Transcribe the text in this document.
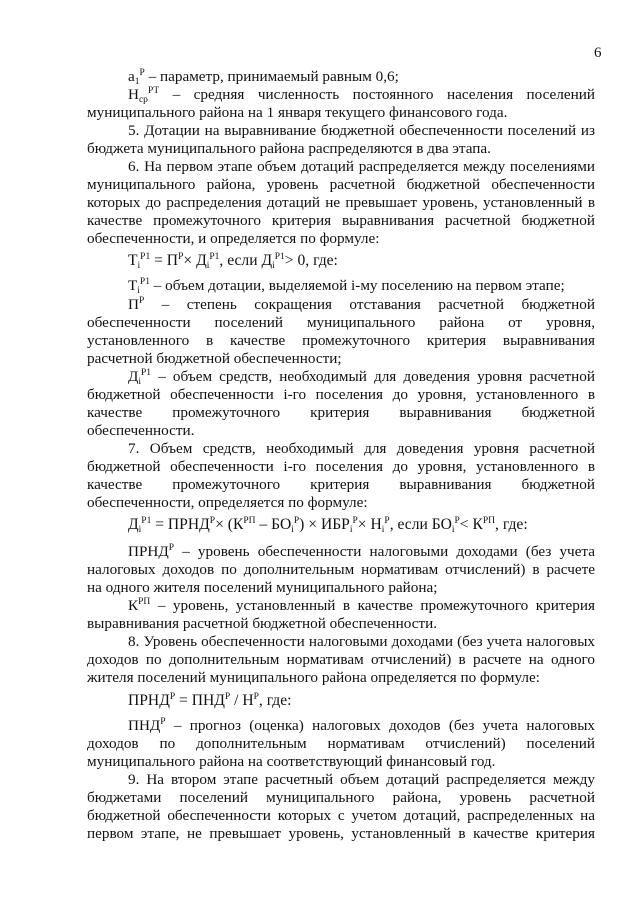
6
$a_1^P$ – параметр, принимаемый равным 0,6;
$Н_{ср}^{РТ}$ – средняя численность постоянного населения поселений
муниципального района на 1 января текущего финансового года.
5. Дотации на выравнивание бюджетной обеспеченности поселений из
бюджета муниципального района распределяются в два этапа.
6. На первом этапе объем дотаций распределяется между поселениями
муниципального района, уровень расчетной бюджетной обеспеченности
которых до распределения дотаций не превышает уровень, установленный в
качестве промежуточного критерия выравнивания расчетной бюджетной
обеспеченности, и определяется по формуле:
$Т_i^{Р1} = П^Р\times Д_i^{Р1}$, если $Д_i^{Р1}> 0$, где:
$Т_i^{Р1}$ – объем дотации, выделяемой i-му поселению на первом этапе;
$П^Р$ – степень сокращения отставания расчетной бюджетной
обеспеченности поселений муниципального района от уровня,
установленного в качестве промежуточного критерия выравнивания
расчетной бюджетной обеспеченности;
$Д_i^{Р1}$ – объем средств, необходимый для доведения уровня расчетной
бюджетной обеспеченности i-го поселения до уровня, установленного в
качестве промежуточного критерия выравнивания бюджетной
обеспеченности.
7. Объем средств, необходимый для доведения уровня расчетной
бюджетной обеспеченности i-го поселения до уровня, установленного в
качестве промежуточного критерия выравнивания бюджетной
обеспеченности, определяется по формуле:
$Д_i^{Р1}$ = $ПРНД^Р\times (К^{РП} - БО_i^Р) \times ИБР_i^Р\times Н_i^Р$, если $БО_i^Р< К^{РП}$, где:
$ПРНД^Р$ – уровень обеспеченности налоговыми доходами (без учета
налоговых доходов по дополнительным нормативам отчислений) в расчете
на одного жителя поселений муниципального района;
$К^{РП}$ – уровень, установленный в качестве промежуточного критерия
выравнивания расчетной бюджетной обеспеченности.
8. Уровень обеспеченности налоговыми доходами (без учета налоговых
доходов по дополнительным нормативам отчислений) в расчете на одного
жителя поселений муниципального района определяется по формуле:
$ПРНД^Р = ПНД^Р / Н^Р$, где:
$ПНД^Р$ – прогноз (оценка) налоговых доходов (без учета налоговых
доходов по дополнительным нормативам отчислений) поселений
муниципального района на соответствующий финансовый год.
9. На втором этапе расчетный объем дотаций распределяется между
бюджетами поселений муниципального района, уровень расчетной
бюджетной обеспеченности которых с учетом дотаций, распределенных на
первом этапе, не превышает уровень, установленный в качестве критерия
